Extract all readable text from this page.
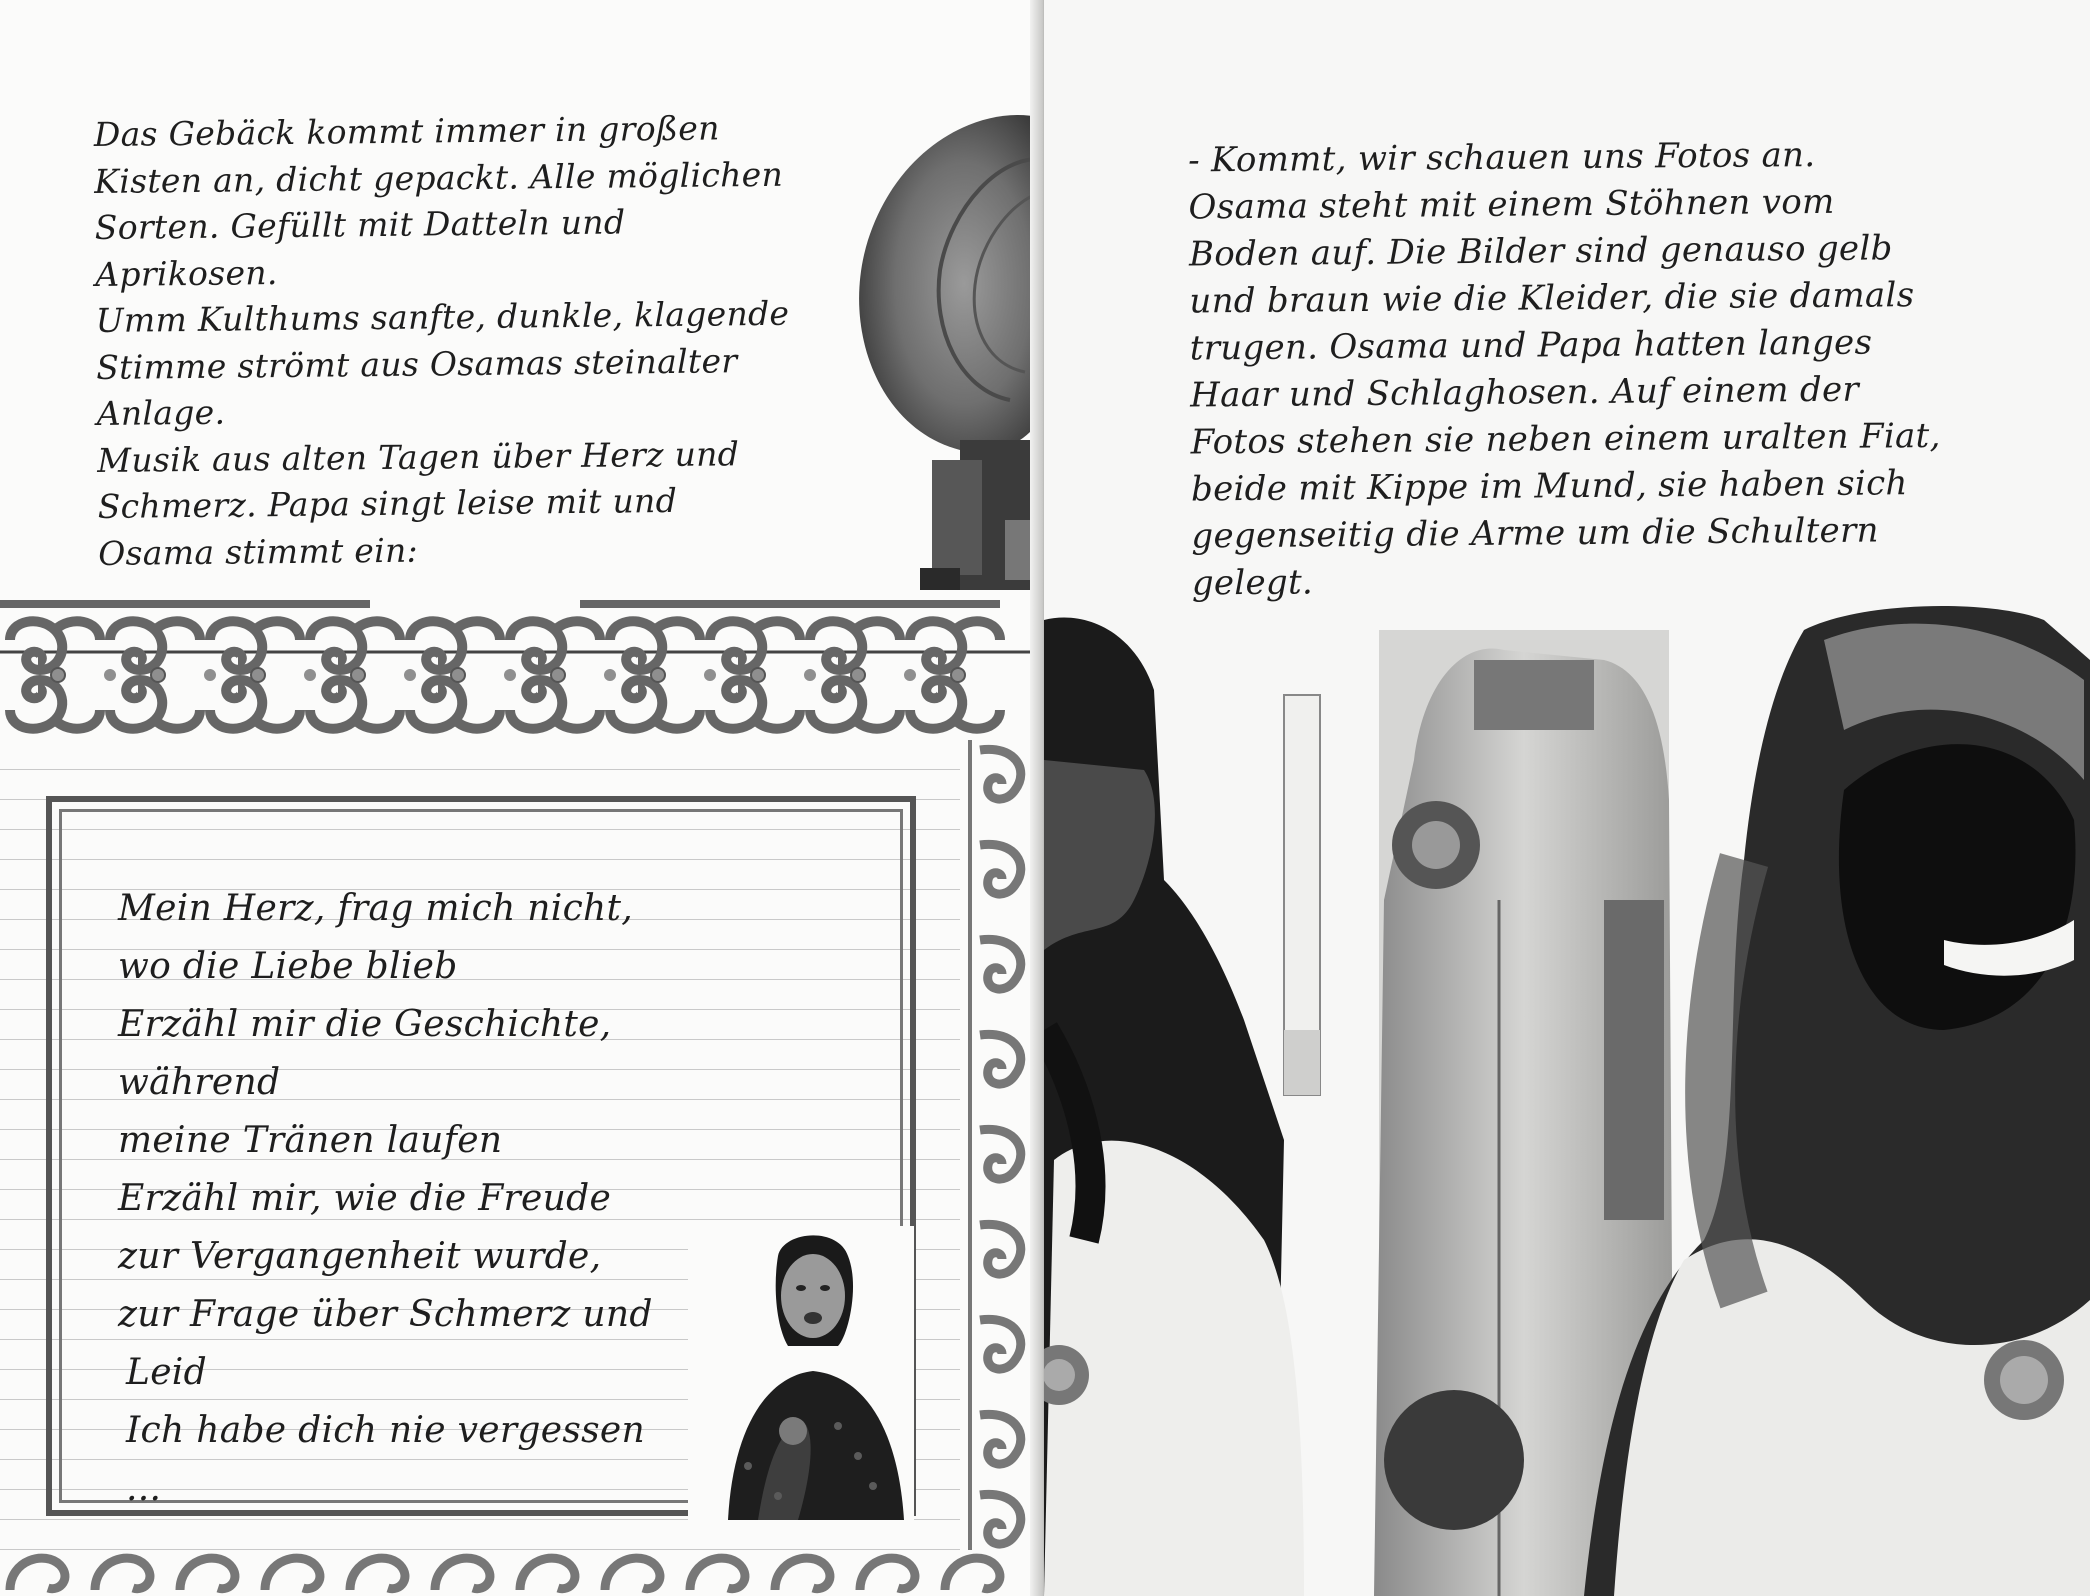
Das Gebäck kommt immer in großen
Kisten an, dicht gepackt. Alle möglichen
Sorten. Gefüllt mit Datteln und
Aprikosen.
Umm Kulthums sanfte, dunkle, klagende
Stimme strömt aus Osamas steinalter
Anlage.
Musik aus alten Tagen über Herz und
Schmerz. Papa singt leise mit und
Osama stimmt ein:
Mein Herz, frag mich nicht,
wo die Liebe blieb
Erzähl mir die Geschichte,
während
meine Tränen laufen
Erzähl mir, wie die Freude
zur Vergangenheit wurde,
zur Frage über Schmerz und
Leid
Ich habe dich nie vergessen
...
- Kommt, wir schauen uns Fotos an.
Osama steht mit einem Stöhnen vom
Boden auf. Die Bilder sind genauso gelb
und braun wie die Kleider, die sie damals
trugen. Osama und Papa hatten langes
Haar und Schlaghosen. Auf einem der
Fotos stehen sie neben einem uralten Fiat,
beide mit Kippe im Mund, sie haben sich
gegenseitig die Arme um die Schultern
gelegt.
